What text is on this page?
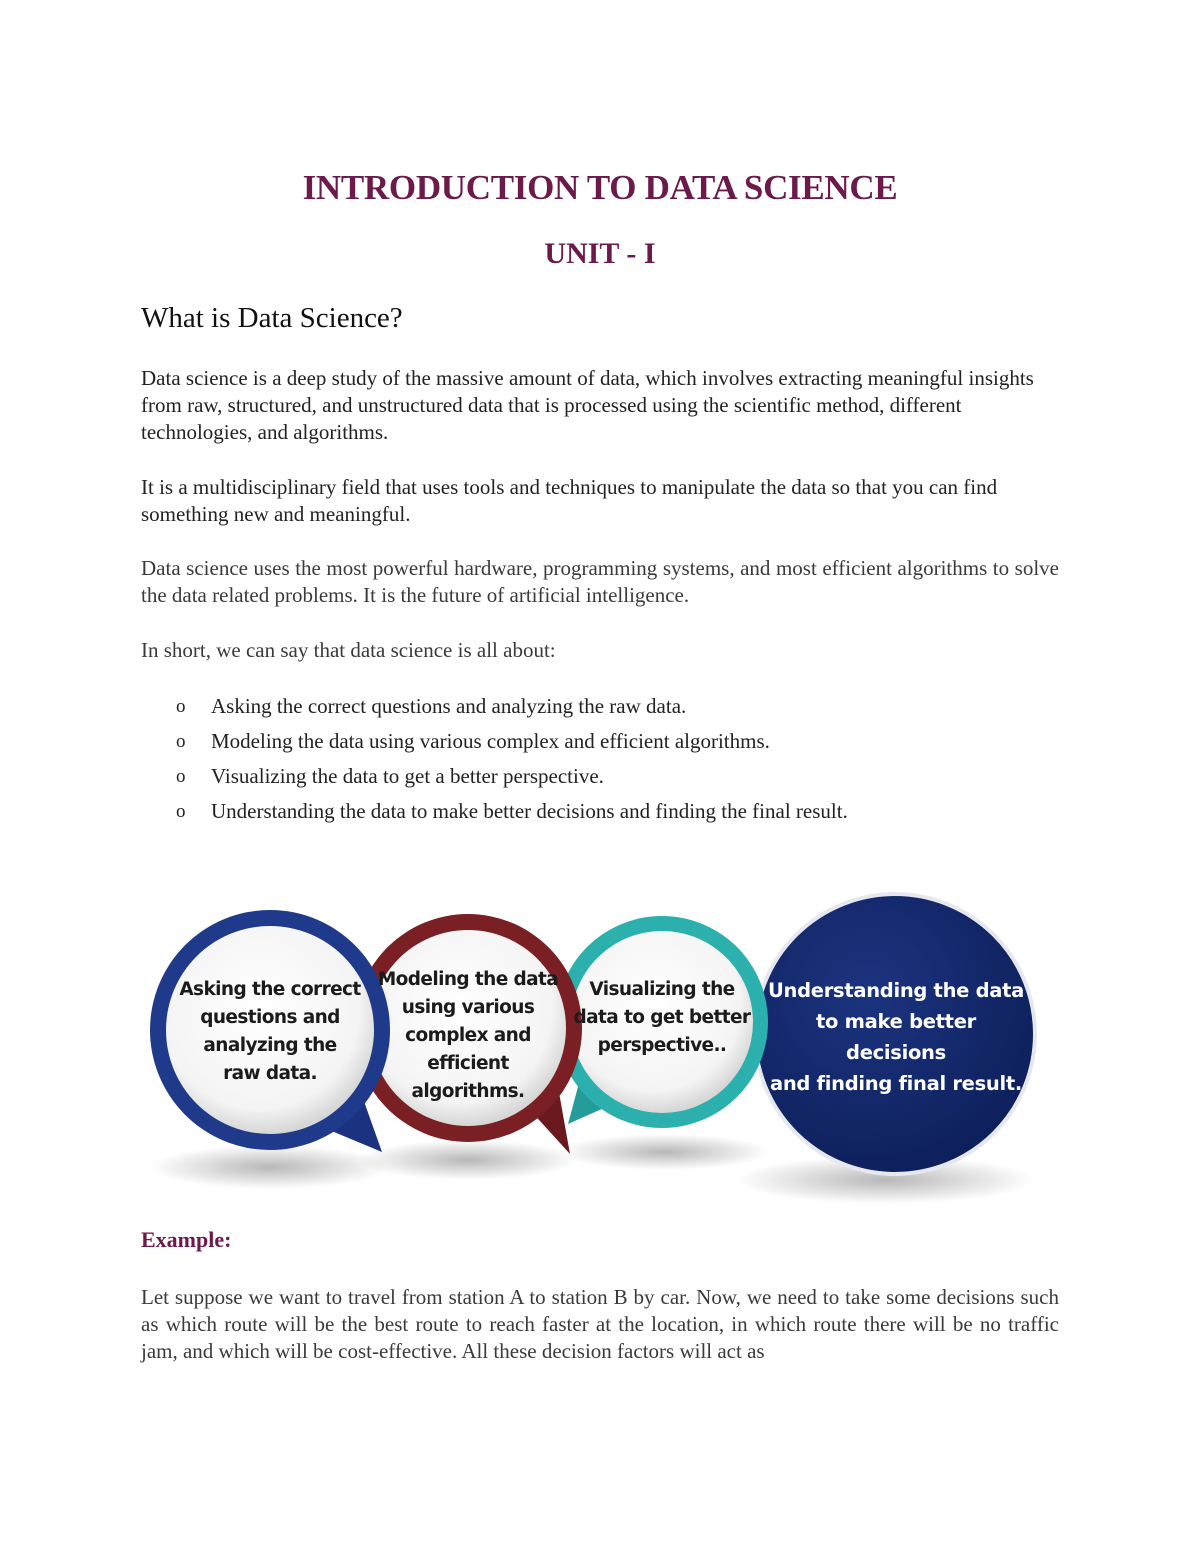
INTRODUCTION TO DATA SCIENCE
UNIT - I
What is Data Science?

Data science is a deep study of the massive amount of data, which involves extracting meaningful insights from raw, structured, and unstructured data that is processed using the scientific method, different technologies, and algorithms.

It is a multidisciplinary field that uses tools and techniques to manipulate the data so that you can find something new and meaningful.

Data science uses the most powerful hardware, programming systems, and most efficient algorithms to solve the data related problems. It is the future of artificial intelligence.

In short, we can say that data science is all about:

o Asking the correct questions and analyzing the raw data.
o Modeling the data using various complex and efficient algorithms.
o Visualizing the data to get a better perspective.
o Understanding the data to make better decisions and finding the final result.
Asking the correct
questions and
analyzing the
raw data.
Modeling the data
using various
complex and
efficient
algorithms.
Visualizing the
data to get better
perspective..
Understanding the data
to make better decisions
and finding final result.
Example:

Let suppose we want to travel from station A to station B by car. Now, we need to take some decisions such as which route will be the best route to reach faster at the location, in which route there will be no traffic jam, and which will be cost-effective. All these decision factors will act as
